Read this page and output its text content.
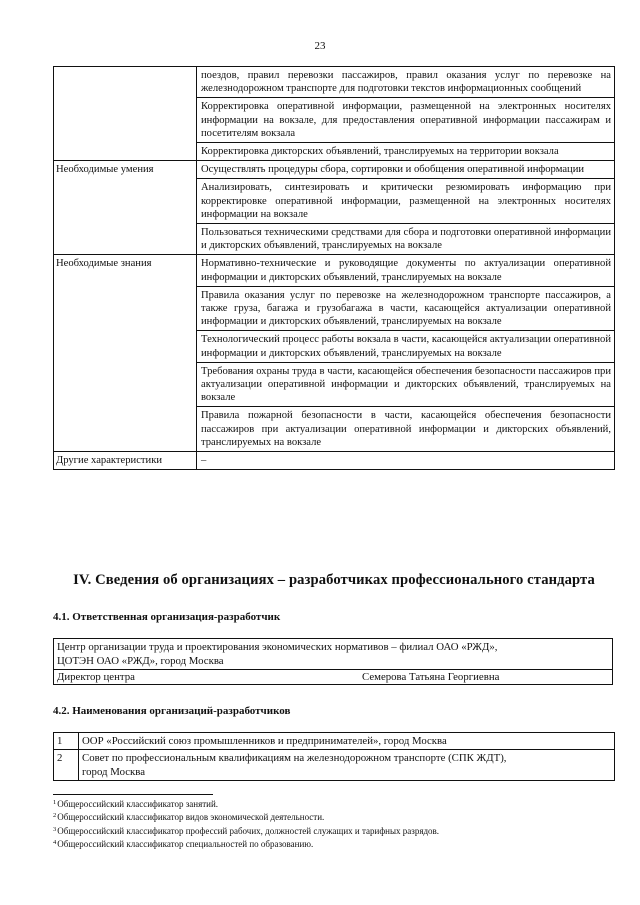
23
	поездов, правил перевозки пассажиров, правил оказания услуг по перевозке на железнодорожном транспорте для подготовки текстов информационных сообщений
	Корректировка оперативной информации, размещенной на электронных носителях информации на вокзале, для предоставления оперативной информации пассажирам и посетителям вокзала
	Корректировка дикторских объявлений, транслируемых на территории вокзала
Необходимые умения	Осуществлять процедуры сбора, сортировки и обобщения оперативной информации
	Анализировать, синтезировать и критически резюмировать информацию при корректировке оперативной информации, размещенной на электронных носителях информации на вокзале
	Пользоваться техническими средствами для сбора и подготовки оперативной информации и дикторских объявлений, транслируемых на вокзале
Необходимые знания	Нормативно-технические и руководящие документы по актуализации оперативной информации и дикторских объявлений, транслируемых на вокзале
	Правила оказания услуг по перевозке на железнодорожном транспорте пассажиров, а также груза, багажа и грузобагажа в части, касающейся актуализации оперативной информации и дикторских объявлений, транслируемых на вокзале
	Технологический процесс работы вокзала в части, касающейся актуализации оперативной информации и дикторских объявлений, транслируемых на вокзале
	Требования охраны труда в части, касающейся обеспечения безопасности пассажиров при актуализации оперативной информации и дикторских объявлений, транслируемых на вокзале
	Правила пожарной безопасности в части, касающейся обеспечения безопасности пассажиров при актуализации оперативной информации и дикторских объявлений, транслируемых на вокзале
Другие характеристики	–
IV. Сведения об организациях – разработчиках профессионального стандарта
4.1. Ответственная организация-разработчик
Центр организации труда и проектирования экономических нормативов – филиал ОАО «РЖД»,
ЦОТЭН ОАО «РЖД», город Москва
Директор центра	Семерова Татьяна Георгиевна
4.2. Наименования организаций-разработчиков
1	ООР «Российский союз промышленников и предпринимателей», город Москва

2	Совет по профессиональным квалификациям на железнодорожном транспорте (СПК ЖДТ),
город Москва
$^1$Общероссийский классификатор занятий.
$^2$Общероссийский классификатор видов экономической деятельности.
$^3$Общероссийский классификатор профессий рабочих, должностей служащих и тарифных разрядов.
$^4$Общероссийский классификатор специальностей по образованию.
